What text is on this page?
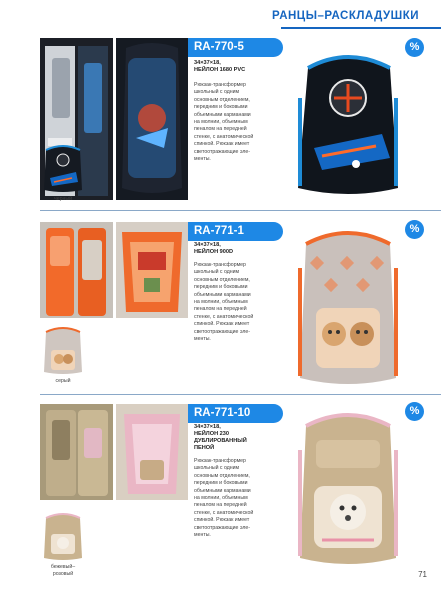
РАНЦЫ–РАСКЛАДУШКИ
RA-770-5
34×37×18,
НЕЙЛОН 1680 PVC
Рюкзак-трансформер
школьный с одним
основным отделением,
передним и боковыми
объемными карманами
на молнии, объемным
пеналом на передней
стенке, с анатомической
спинкой. Рюкзак имеет
светоотражающие эле-
менты.
%
черный
RA-771-1
34×37×18,
НЕЙЛОН 900D
Рюкзак-трансформер
школьный с одним
основным отделением,
передним и боковыми
объемными карманами
на молнии, объемным
пеналом на передней
стенке, с анатомической
спинкой. Рюкзак имеет
светоотражающие эле-
менты.
%
серый
RA-771-10
34×37×18,
НЕЙЛОН 230
ДУБЛИРОВАННЫЙ
ПЕНОЙ
Рюкзак-трансформер
школьный с одним
основным отделением,
передним и боковыми
объемными карманами
на молнии, объемным
пеналом на передней
стенке, с анатомической
спинкой. Рюкзак имеет
светоотражающие эле-
менты.
%
бежевый–
розовый	71
